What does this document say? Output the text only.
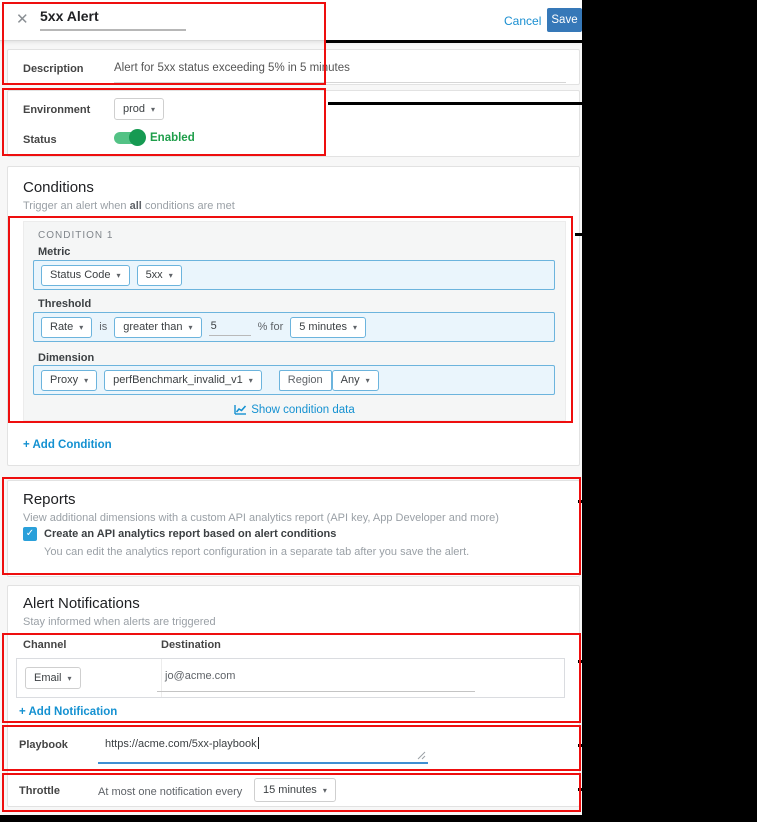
✕ 5xx Alert	Cancel Save
Description	Alert for 5xx status exceeding 5% in 5 minutes
Environment	prod ▾
Status	Enabled
Conditions
Trigger an alert when all conditions are met
CONDITION 1
Metric
Status Code ▾ 5xx ▾
Threshold
Rate ▾ is greater than ▾ 5	% for 5 minutes ▾
Dimension
Proxy ▾ perfBenchmark_invalid_v1 ▾	Region	Any ▾
Show condition data
+ Add Condition
Reports
View additional dimensions with a custom API analytics report (API key, App Developer and more)
✓ Create an API analytics report based on alert conditions
You can edit the analytics report configuration in a separate tab after you save the alert.
Alert Notifications
Stay informed when alerts are triggered
Channel	Destination
Email ▾	jo@acme.com
+ Add Notification
Playbook	https://acme.com/5xx-playbook
Throttle	At most one notification every 15 minutes ▾
